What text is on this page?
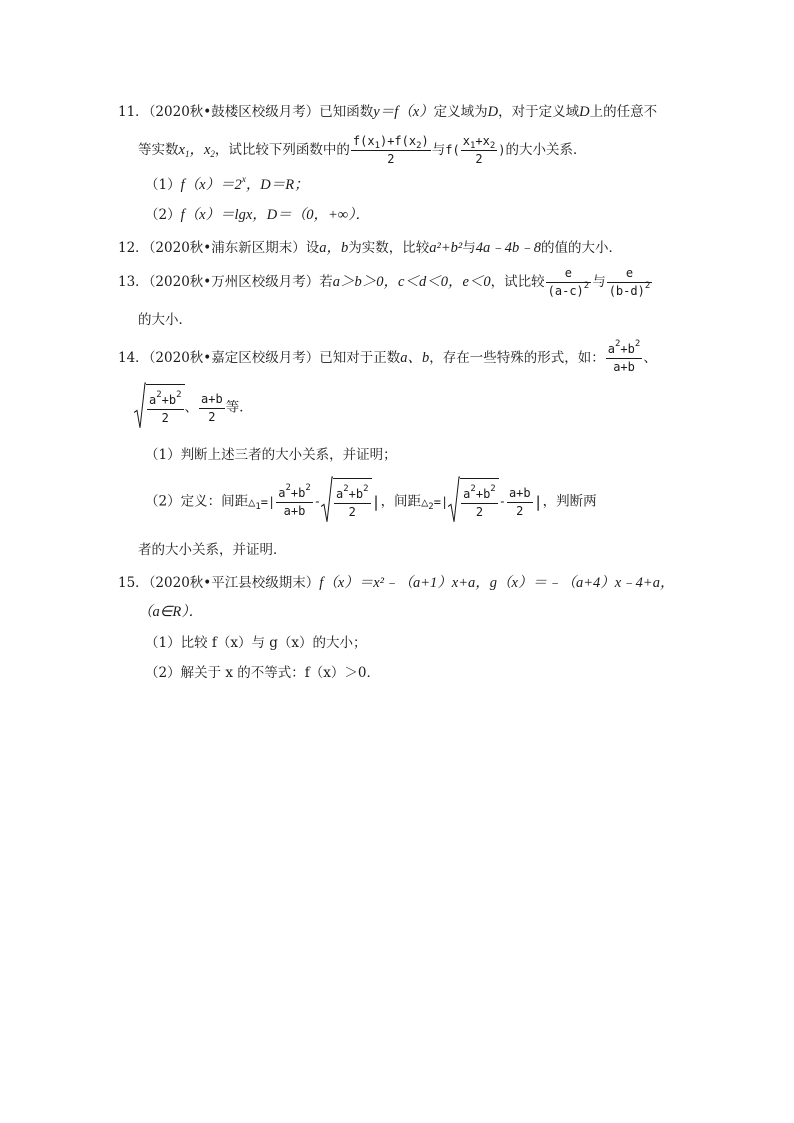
11．（2020秋•鼓楼区校级月考）已知函数y＝f（x）定义域为D，对于定义域D上的任意不
等实数$x_1$，$x_2$，试比较下列函数中的 $\frac{f(x_1)+f(x_2)}{2}$ 与$f( \frac{x_1+x_2}{2}$ )的大小关系．
$(1)f(x)=2^x$，D＝R；
（2）f（x）＝lgx，D＝（0，+∞）．
12．（2020秋•浦东新区期末）设a，b为实数，比较a²+b²与4a﹣4b﹣8的值的大小．
13．（2020秋•万州区校级月考）若a＞b＞0，c＜d＜0，e＜0，试比较 $\frac{e}{(a-c)^2}$ 与 $\frac{e}{(b-d)^2}$
的大小．
14．（2020秋•嘉定区校级月考）已知对于正数a、b，存在一些特殊的形式，如： $\frac{a^2+b^2}{a+b}$ 、
$\frac{a^2+b^2}{2}$ 、 $\frac{a+b}{2}$ 等．
（1）判断上述三者的大小关系，并证明；
（2）定义：间距$\triangle_1=| \frac{a^2+b^2}{a+b} - \frac{a^2+b^2}{2}$ |，间距$\triangle_2=| \frac{a^2+b^2}{2} - \frac{a+b}{2}$ |，判断两
者的大小关系，并证明．
15．（2020秋•平江县校级期末）f（x）＝x²﹣（a+1）x+a，g（x）＝﹣（a+4）x﹣4+a，
（a∈R）．
（1）比较 f（x）与 g（x）的大小；
（2）解关于 x 的不等式：f（x）＞0．
